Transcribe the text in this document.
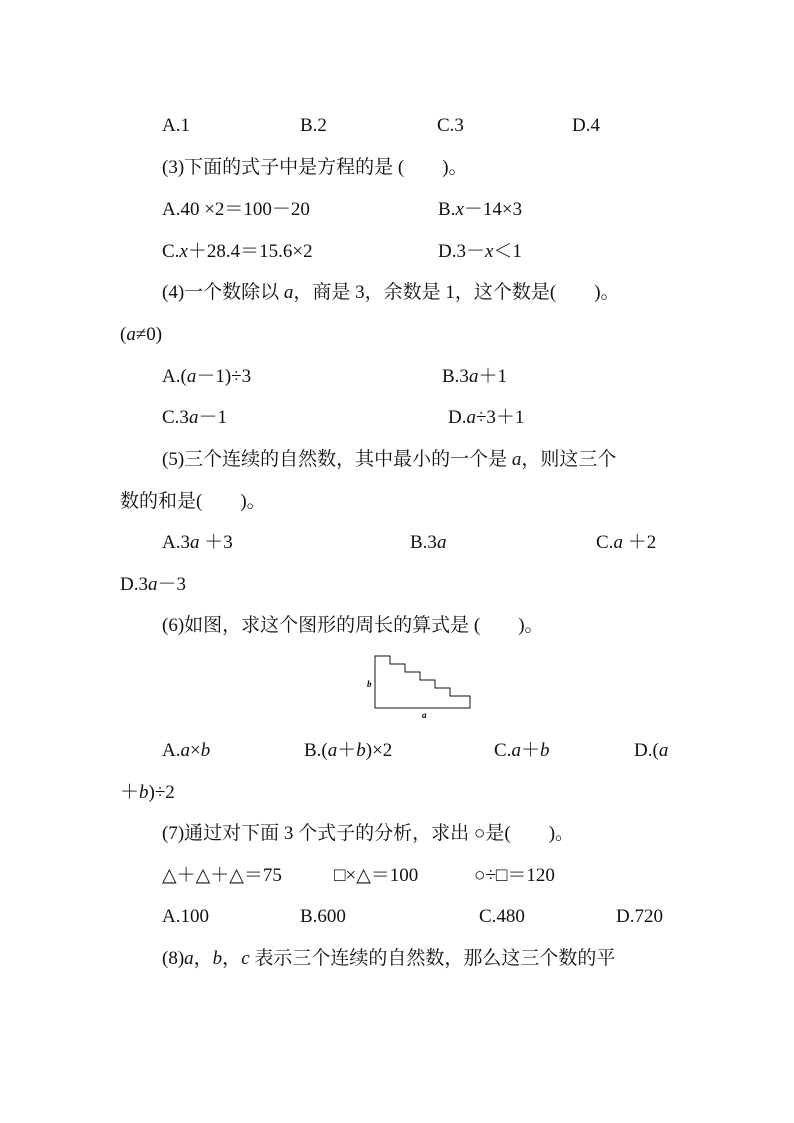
A.1	B.2	C.3	D.4
(3)下面的式子中是方程的是 (　　)。
A.40 ×2＝100－20	B.x－14×3
C.x＋28.4＝15.6×2	D.3－x＜1
(4)一个数除以 a，商是 3，余数是 1，这个数是(　　)。
(a≠0)
A.(a－1)÷3	B.3a＋1
C.3a－1	D.a÷3＋1
(5)三个连续的自然数，其中最小的一个是 a，则这三个
数的和是(　　)。
A.3a ＋3	B.3a	C.a ＋2
D.3a－3
(6)如图，求这个图形的周长的算式是 (　　)。
b
a
A.a×b	B.(a＋b)×2	C.a＋b	D.(a
＋b)÷2
(7)通过对下面 3 个式子的分析，求出 ○是(　　)。
△＋△＋△＝75	□×△＝100	○÷□＝120
A.100	B.600	C.480	D.720
(8)a，b，c 表示三个连续的自然数，那么这三个数的平
